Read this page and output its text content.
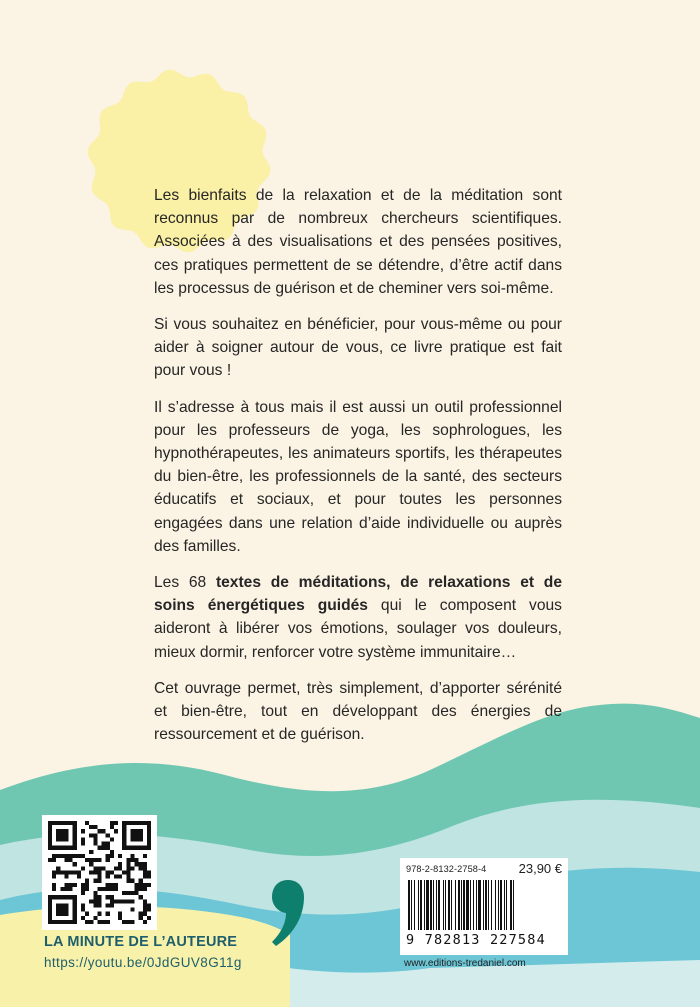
Les bienfaits de la relaxation et de la méditation sont reconnus par de nombreux chercheurs scientifiques. Associées à des visualisations et des pensées positives, ces pratiques permettent de se détendre, d’être actif dans les processus de guérison et de cheminer vers soi-même.

Si vous souhaitez en bénéficier, pour vous-même ou pour aider à soigner autour de vous, ce livre pratique est fait pour vous !

Il s’adresse à tous mais il est aussi un outil professionnel pour les professeurs de yoga, les sophrologues, les hypnothérapeutes, les animateurs sportifs, les thérapeutes du bien-être, les professionnels de la santé, des secteurs éducatifs et sociaux, et pour toutes les personnes engagées dans une relation d’aide individuelle ou auprès des familles.

Les 68 textes de méditations, de relaxations et de soins énergétiques guidés qui le composent vous aideront à libérer vos émotions, soulager vos douleurs, mieux dormir, renforcer votre système immunitaire…

Cet ouvrage permet, très simplement, d’apporter sérénité et bien-être, tout en développant des énergies de ressourcement et de guérison.

LA MINUTE DE L’AUTEURE
https://youtu.be/0JdGUV8G11g
978-2-8132-2758-4 23,90 €
9 782813 227584
www.editions-tredaniel.com
